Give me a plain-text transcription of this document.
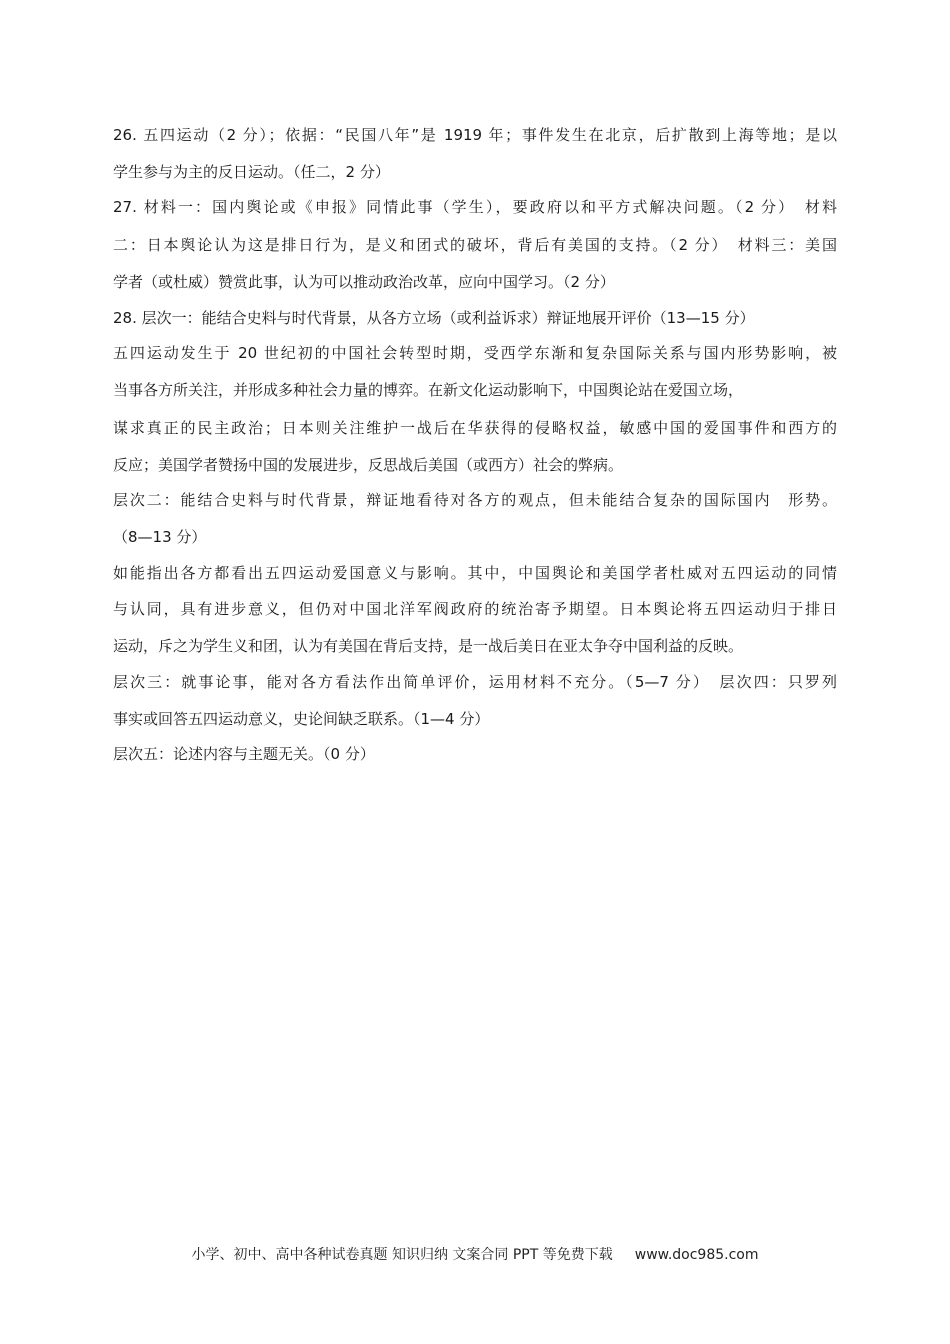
26. 五四运动（2 分）；依据：“民国八年”是 1919 年；事件发生在北京，后扩散到上海等地；是以

学生参与为主的反日运动。（任二，2 分）

27. 材料一：国内舆论或《申报》同情此事（学生），要政府以和平方式解决问题。（2 分）　材料

二：日本舆论认为这是排日行为，是义和团式的破坏，背后有美国的支持。（2 分）　材料三：美国

学者（或杜威）赞赏此事，认为可以推动政治改革，应向中国学习。（2 分）

28. 层次一：能结合史料与时代背景，从各方立场（或利益诉求）辩证地展开评价（13—15 分）

五四运动发生于 20 世纪初的中国社会转型时期，受西学东渐和复杂国际关系与国内形势影响，被

当事各方所关注，并形成多种社会力量的博弈。在新文化运动影响下，中国舆论站在爱国立场，

谋求真正的民主政治；日本则关注维护一战后在华获得的侵略权益，敏感中国的爱国事件和西方的

反应；美国学者赞扬中国的发展进步，反思战后美国（或西方）社会的弊病。

层次二：能结合史料与时代背景，辩证地看待对各方的观点，但未能结合复杂的国际国内　形势。

（8—13 分）

如能指出各方都看出五四运动爱国意义与影响。其中，中国舆论和美国学者杜威对五四运动的同情

与认同，具有进步意义，但仍对中国北洋军阀政府的统治寄予期望。日本舆论将五四运动归于排日

运动，斥之为学生义和团，认为有美国在背后支持，是一战后美日在亚太争夺中国利益的反映。

层次三：就事论事，能对各方看法作出简单评价，运用材料不充分。（5—7 分）　层次四：只罗列

事实或回答五四运动意义，史论间缺乏联系。（1—4 分）

层次五：论述内容与主题无关。（0 分）

小学、初中、高中各种试卷真题 知识归纳 文案合同 PPT 等免费下载 www.doc985.com
